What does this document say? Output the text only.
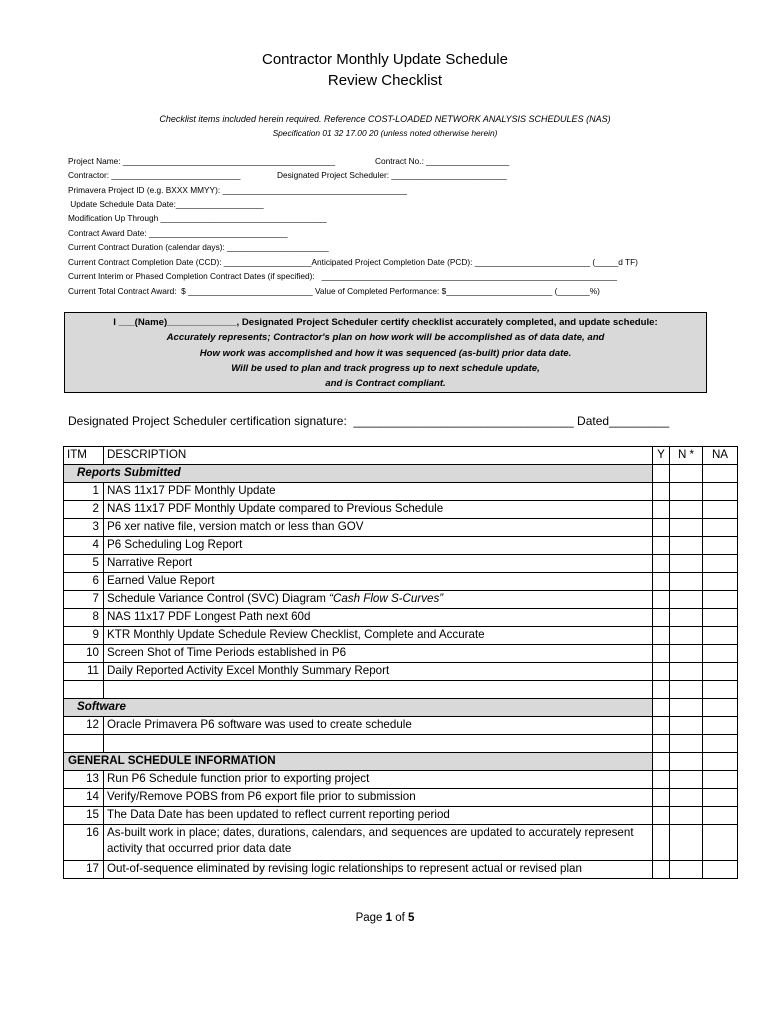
Contractor Monthly Update Schedule
Review Checklist
Checklist items included herein required. Reference COST-LOADED NETWORK ANALYSIS SCHEDULES (NAS)
Specification 01 32 17.00 20 (unless noted otherwise herein)
Project Name: ______________________________________________	Contract No.: __________________
Contractor: ____________________________	Designated Project Scheduler: _________________________
Primavera Project ID (e.g. BXXX MMYY): ________________________________________
Update Schedule Data Date:___________________
Modification Up Through ____________________________________
Contract Award Date: ______________________________
Current Contract Duration (calendar days): ______________________
Current Contract Completion Date (CCD): ___________________Anticipated Project Completion Date (PCD): _________________________ (_____d TF)
Current Interim or Phased Completion Contract Dates (if specified):   ________________________________________________________________
Current Total Contract Award:  $ ___________________________ Value of Completed Performance: $_______________________ (_______%)
I ___(Name)_____________, Designated Project Scheduler certify checklist accurately completed, and update schedule:
Accurately represents; Contractor's plan on how work will be accomplished as of data date, and
How work was accomplished and how it was sequenced (as-built) prior data date.
Will be used to plan and track progress up to next schedule update,
and is Contract compliant.
Designated Project Scheduler certification signature:  _________________________________ Dated_________
ITM	DESCRIPTION	Y	N *	NA
Reports Submitted				
1	NAS 11x17 PDF Monthly Update			
2	NAS 11x17 PDF Monthly Update compared to Previous Schedule			
3	P6 xer native file, version match or less than GOV			
4	P6 Scheduling Log Report			
5	Narrative Report			
6	Earned Value Report			
7	Schedule Variance Control (SVC) Diagram “Cash Flow S-Curves”			
8	NAS 11x17 PDF Longest Path next 60d			
9	KTR Monthly Update Schedule Review Checklist, Complete and Accurate			
10	Screen Shot of Time Periods established in P6			
11	Daily Reported Activity Excel Monthly Summary Report			

Software				
12	Oracle Primavera P6 software was used to create schedule			

GENERAL SCHEDULE INFORMATION				
13	Run P6 Schedule function prior to exporting project			
14	Verify/Remove POBS from P6 export file prior to submission			
15	The Data Date has been updated to reflect current reporting period			
16	As-built work in place; dates, durations, calendars, and sequences are updated to accurately represent activity that occurred prior data date			
17	Out-of-sequence eliminated by revising logic relationships to represent actual or revised plan			
Page 1 of 5
